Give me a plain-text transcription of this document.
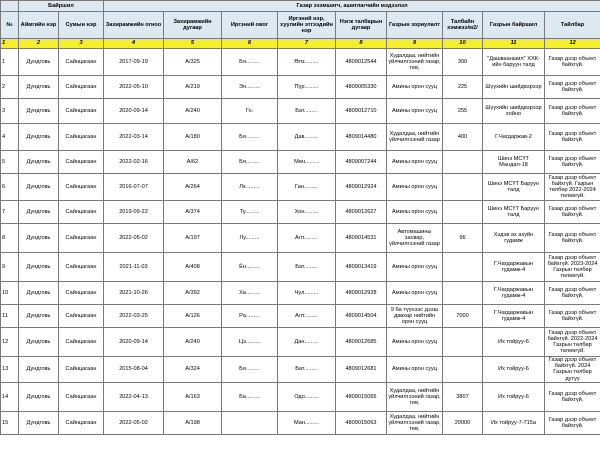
	Байршил		Газар эзэмшигч, ашиглагчийн мэдээлэл								
№	Аймгийн нэр	Сумын нэр	Захирамжийн огноо	Захирамжийн дугаар	Иргэний овог	Иргэний нэр, хуулийн этгээдийн нэр	Нэгж талбарын дугаар	Газрын зориулалт	Талбайн хэмжээ/м2/	Газрын байршил	Тайлбар
1	2	3	4	5	6	7	8	9	10	11	12
1	Дундговь	Сайнцагаан	2017-09-19	А/325	Бя.........	Өлз.........	4809012544	Худалдаа, нийтийн үйлчилгээний газар, тев,	300	"Дашвааншил" ХХК-ийн баруун талд	Газар дээр объект байхгүй.
2	Дундговь	Сайнцагаан	2022-05-10	А/219	Эн.........	Пүр.........	4809005330	Амины орон сууц	225	Шүүхийн шийдвэрээр	Газар дээр объект байхгүй.
3	Дундговь	Сайнцагаан	2020-09-14	А/240	Го.	Бат.........	4809012710	Амины орон сууц	255	Шүүхийн шийдвэрээр хойно	Газар дээр объект байхгүй.
4	Дундговь	Сайнцагаан	2022-03-14	А/180	Бя.........	Дав.........	4809014480	Худалдаа, нийтийн үйлчилгээний газар	400	Г.Чагдаржав-2	Газар дээр объект байхгүй.
5	Дундговь	Сайнцагаан	2022-02-16	А/62	Бя.........	Мөн.........	4809007244	Амины орон сууц		Шинэ МСҮТ Мандал-18	Газар дээр объект байхгүй.
6	Дундговь	Сайнцагаан	2016-07-07	А/264	Лх.........	Ган.........	4809012924	Амины орон сууц		Шинэ МСҮТ Баруун талд	Газар дээр объект байхгүй. Газрын төлбөр 2022-2024 төлөөгүй.
7	Дундговь	Сайнцагаан	2019-09-22	А/374	Ту.........	Хон.........	4809012627	Амины орон сууц		Шинэ МСҮТ Баруун талд	Газар дээр объект байхгүй.
8	Дундговь	Сайнцагаан	2022-05-02	А/197	Лу.........	Алт.........	4809014531	Автомашины засвар, үйлчилгээний газар	96	Хэдэв ах ахуйн гудамж	Газар дээр объект байхгүй.
9	Дундговь	Сайнцагаан	2021-11-03	А/408	Ён.........	Бат.........	4809013419	Амины орон сууц		Г.Чагдаржавын гудамж-4	Газар дээр объект байхгүй. 2023-2024 Газрын төлбөр төлөөгүй.
10	Дундговь	Сайнцагаан	2021-10-26	А/392	Ха.........	Чул.........	4809012928	Амины орон сууц		Г.Чагдаржавын гудамж-4	Газар дээр объект байхгүй.
11	Дундговь	Сайнцагаан	2022-03-25	А/126	Ра.........	Алт.........	4809014504	9 ба түүнээс дээш давхар нийтийн орон сууц	7000	Г.Чагдаржавын гудамж-4	Газар дээр объект байхгүй.
12	Дундговь	Сайнцагаан	2020-09-14	А/240	Цэ.........	Дан.........	4809012685	Амины орон сууц		Их тойруу-6	Газар дээр объект байхгүй. 2022-2024 Газрын төлбөр төлөөгүй.
13	Дундговь	Сайнцагаан	2015-08-04	А/324	Бя.........	Бат.........	4809012681	Амины орон сууц		Их тойруу-6	Газар дээр объект байхгүй. 2024 Газрын төлбөр дутуу
14	Дундговь	Сайнцагаан	2022-04-13	А/163	Ба.........	Одо.........	4809015065	Худалдаа, нийтийн үйлчилгээний газар, тев,	3807	Их тойруу-6	Газар дээр объект байхгүй.
15	Дундговь	Сайнцагаан	2022-05-02	А/198		Ман.........	4809015063	Худалдаа, нийтийн үйлчилгээний газар, тев,	20000	Их тойруу-7-715а	Газар дээр объект байхгүй.
